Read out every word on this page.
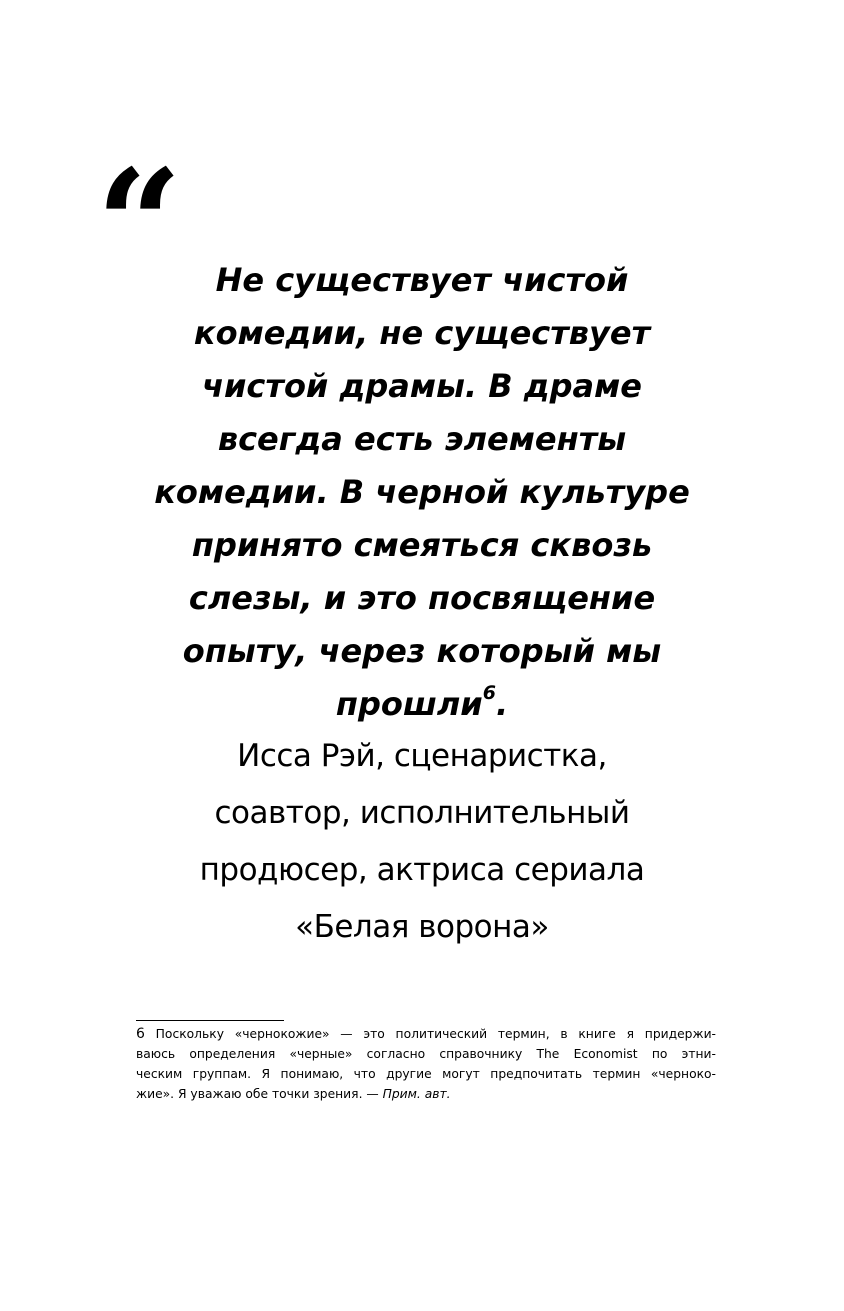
“	Не существует чистой
комедии, не существует
чистой драмы. В драме
всегда есть элементы
комедии. В черной культуре
принято смеяться сквозь
слезы, и это посвящение
опыту, через который мы
прошли$^6$.
Исса Рэй, сценаристка,
соавтор, исполнительный
продюсер, актриса сериала
«Белая ворона»
6 Поскольку «чернокожие» — это политический термин, в книге я придержи-
ваюсь определения «черные» согласно справочнику The Economist по этни-
ческим группам. Я понимаю, что другие могут предпочитать термин «черноко-
жие». Я уважаю обе точки зрения. — Прим. авт.
